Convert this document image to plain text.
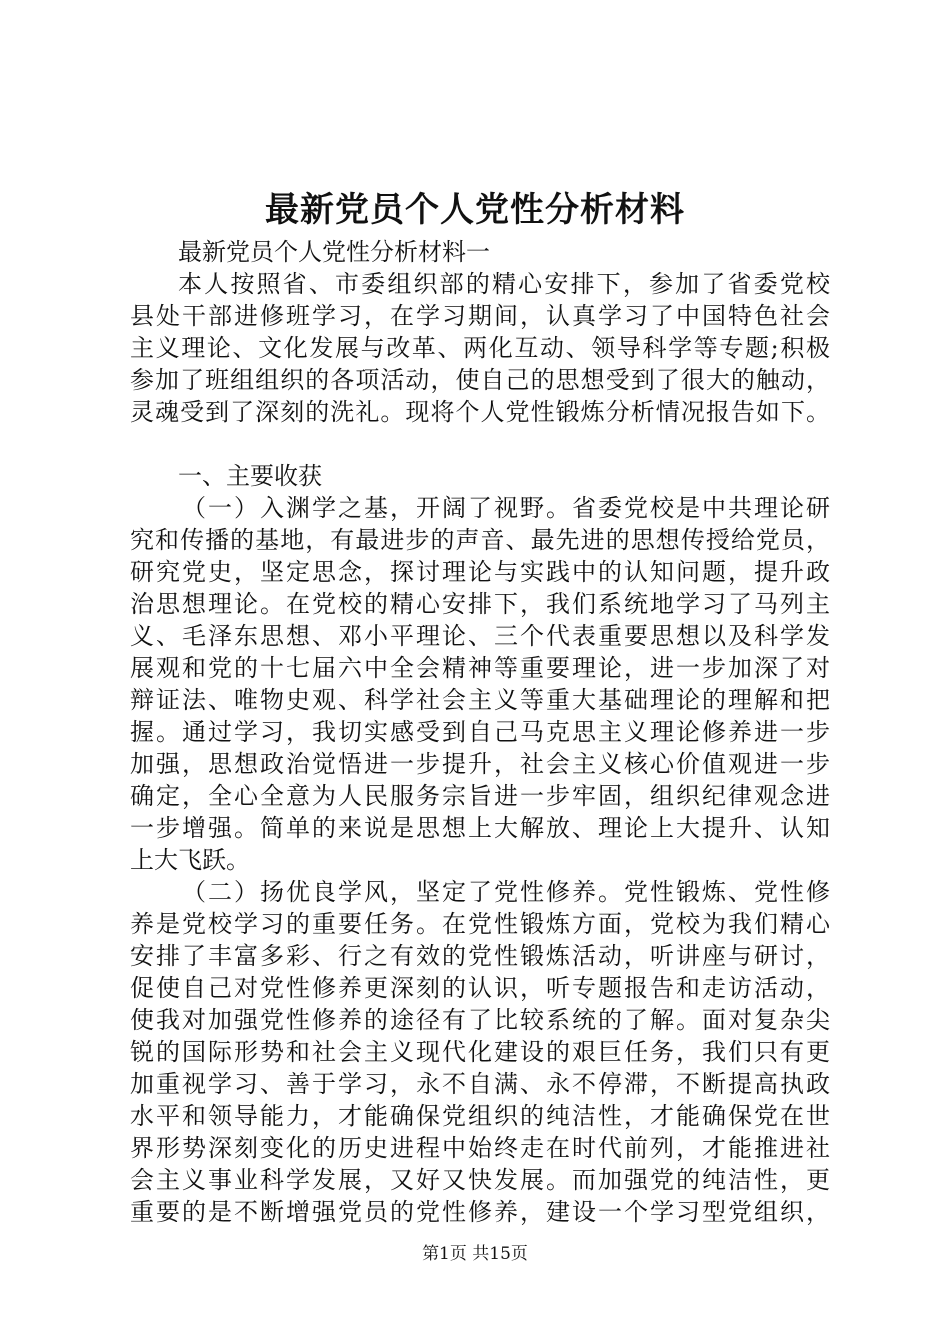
最新党员个人党性分析材料
最新党员个人党性分析材料一
本人按照省、市委组织部的精心安排下，参加了省委党校
县处干部进修班学习，在学习期间，认真学习了中国特色社会
主义理论、文化发展与改革、两化互动、领导科学等专题;积极
参加了班组组织的各项活动，使自己的思想受到了很大的触动，
灵魂受到了深刻的洗礼。现将个人党性锻炼分析情况报告如下。
一、主要收获
（一）入渊学之基，开阔了视野。省委党校是中共理论研
究和传播的基地，有最进步的声音、最先进的思想传授给党员，
研究党史，坚定思念，探讨理论与实践中的认知问题，提升政
治思想理论。在党校的精心安排下，我们系统地学习了马列主
义、毛泽东思想、邓小平理论、三个代表重要思想以及科学发
展观和党的十七届六中全会精神等重要理论，进一步加深了对
辩证法、唯物史观、科学社会主义等重大基础理论的理解和把
握。通过学习，我切实感受到自己马克思主义理论修养进一步
加强，思想政治觉悟进一步提升，社会主义核心价值观进一步
确定，全心全意为人民服务宗旨进一步牢固，组织纪律观念进
一步增强。简单的来说是思想上大解放、理论上大提升、认知
上大飞跃。
（二）扬优良学风，坚定了党性修养。党性锻炼、党性修
养是党校学习的重要任务。在党性锻炼方面，党校为我们精心
安排了丰富多彩、行之有效的党性锻炼活动，听讲座与研讨，
促使自己对党性修养更深刻的认识，听专题报告和走访活动，
使我对加强党性修养的途径有了比较系统的了解。面对复杂尖
锐的国际形势和社会主义现代化建设的艰巨任务，我们只有更
加重视学习、善于学习，永不自满、永不停滞，不断提高执政
水平和领导能力，才能确保党组织的纯洁性，才能确保党在世
界形势深刻变化的历史进程中始终走在时代前列，才能推进社
会主义事业科学发展，又好又快发展。而加强党的纯洁性，更
重要的是不断增强党员的党性修养，建设一个学习型党组织，
第1页 共15页
